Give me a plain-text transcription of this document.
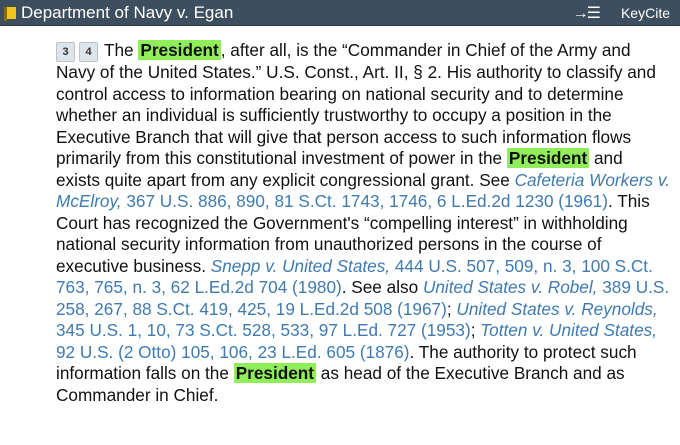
Department of Navy v. Egan	→☰ KeyCite
3	4 The President , after all, is the “Commander in Chief of the Army and Navy of the United States.” U.S. Const., Art. II, § 2. His authority to classify and control access to information bearing on national security and to determine whether an individual is sufficiently trustworthy to occupy a position in the Executive Branch that will give that person access to such information flows primarily from this constitutional investment of power in the President and exists quite apart from any explicit congressional grant. See Cafeteria Workers v. McElroy, 367 U.S. 886, 890, 81 S.Ct. 1743, 1746, 6 L.Ed.2d 1230 (1961). This Court has recognized the Government's “compelling interest” in withholding national security information from unauthorized persons in the course of executive business. Snepp v. United States, 444 U.S. 507, 509, n. 3, 100 S.Ct. 763, 765, n. 3, 62 L.Ed.2d 704 (1980). See also United States v. Robel, 389 U.S. 258, 267, 88 S.Ct. 419, 425, 19 L.Ed.2d 508 (1967); United States v. Reynolds, 345 U.S. 1, 10, 73 S.Ct. 528, 533, 97 L.Ed. 727 (1953); Totten v. United States, 92 U.S. (2 Otto) 105, 106, 23 L.Ed. 605 (1876). The authority to protect such information falls on the President as head of the Executive Branch and as Commander in Chief.
